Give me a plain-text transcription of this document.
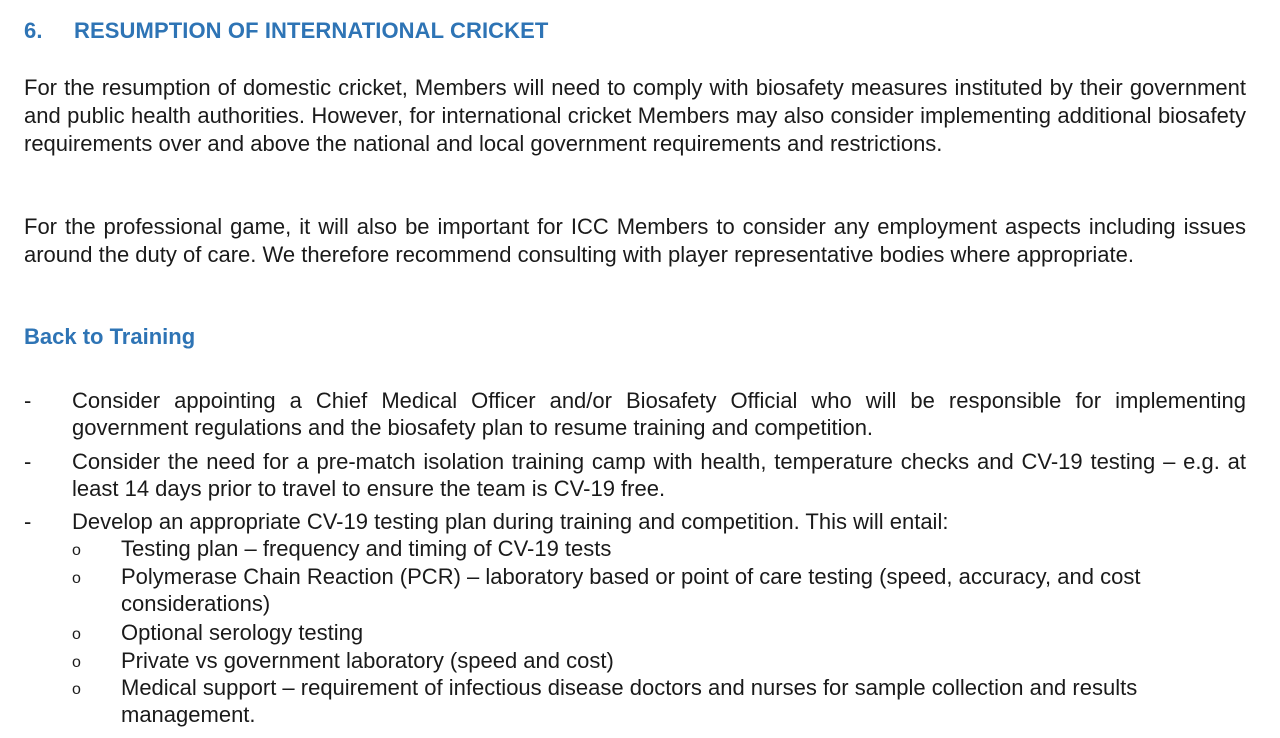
6. RESUMPTION OF INTERNATIONAL CRICKET

For the resumption of domestic cricket, Members will need to comply with biosafety measures instituted by their government and public health authorities. However, for international cricket Members may also consider implementing additional biosafety requirements over and above the national and local government requirements and restrictions.

For the professional game, it will also be important for ICC Members to consider any employment aspects including issues around the duty of care. We therefore recommend consulting with player representative bodies where appropriate.

Back to Training
-	Consider appointing a Chief Medical Officer and/or Biosafety Official who will be responsible for implementing government regulations and the biosafety plan to resume training and competition.
-	Consider the need for a pre-match isolation training camp with health, temperature checks and CV-19 testing – e.g. at least 14 days prior to travel to ensure the team is CV-19 free.
-	Develop an appropriate CV-19 testing plan during training and competition. This will entail:
o Testing plan – frequency and timing of CV-19 tests
o Polymerase Chain Reaction (PCR) – laboratory based or point of care testing (speed, accuracy, and cost considerations)
o Optional serology testing
o Private vs government laboratory (speed and cost)
o Medical support – requirement of infectious disease doctors and nurses for sample collection and results management.
